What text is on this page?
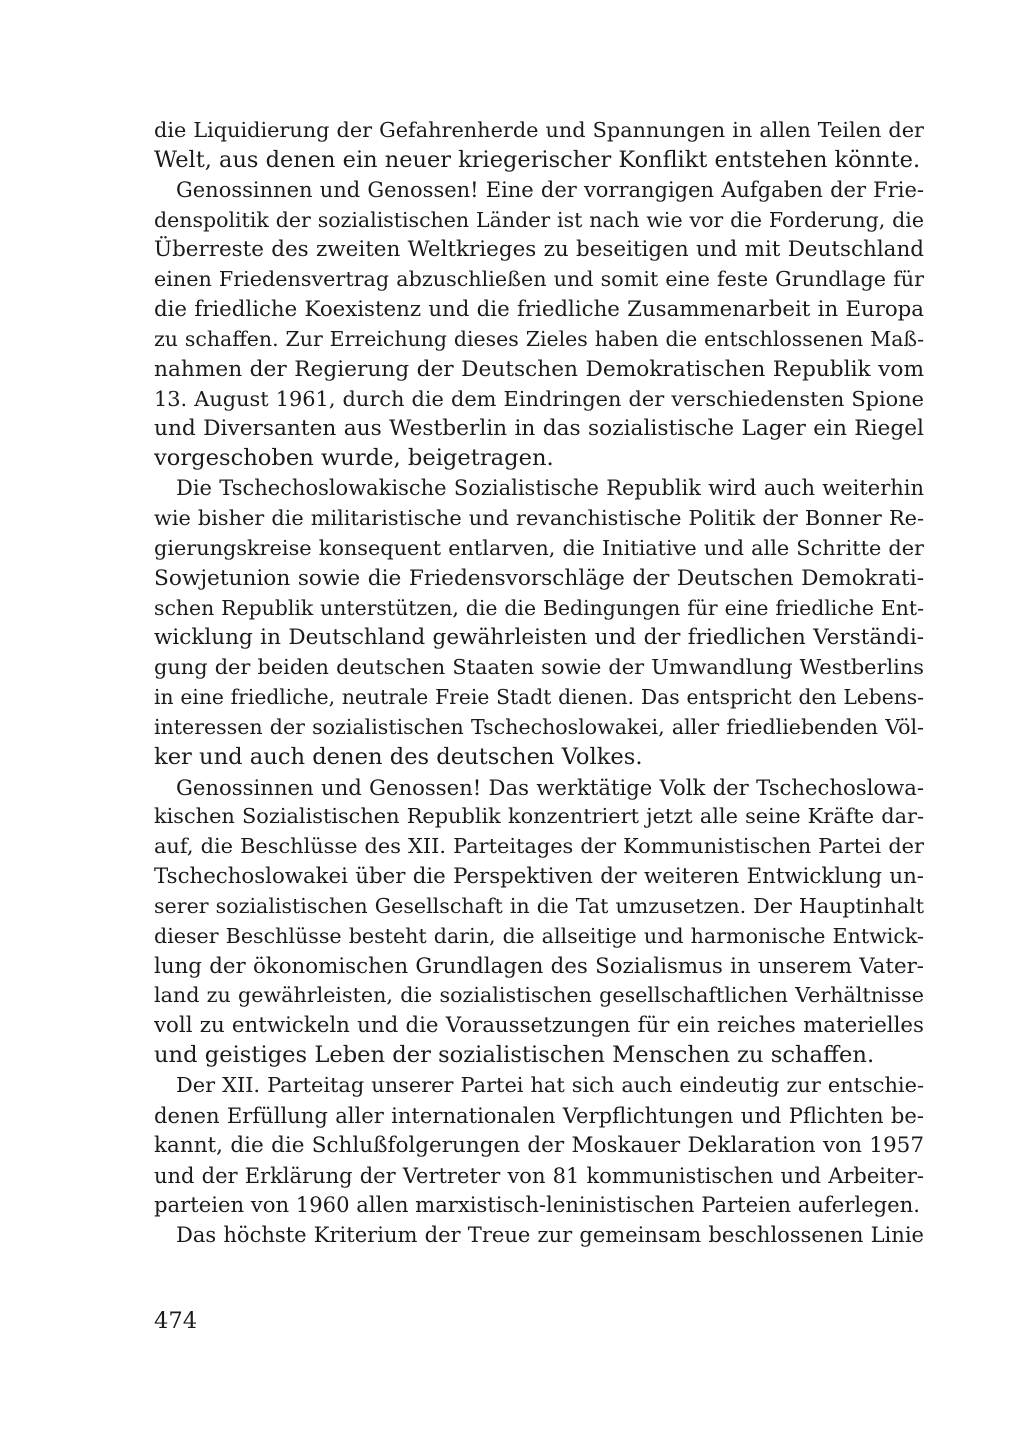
die Liquidierung der Gefahrenherde und Spannungen in allen Teilen der
Welt, aus denen ein neuer kriegerischer Konflikt entstehen könnte.
Genossinnen und Genossen! Eine der vorrangigen Aufgaben der Frie-
denspolitik der sozialistischen Länder ist nach wie vor die Forderung, die
Überreste des zweiten Weltkrieges zu beseitigen und mit Deutschland
einen Friedensvertrag abzuschließen und somit eine feste Grundlage für
die friedliche Koexistenz und die friedliche Zusammenarbeit in Europa
zu schaffen. Zur Erreichung dieses Zieles haben die entschlossenen Maß-
nahmen der Regierung der Deutschen Demokratischen Republik vom
13. August 1961, durch die dem Eindringen der verschiedensten Spione
und Diversanten aus Westberlin in das sozialistische Lager ein Riegel
vorgeschoben wurde, beigetragen.
Die Tschechoslowakische Sozialistische Republik wird auch weiterhin
wie bisher die militaristische und revanchistische Politik der Bonner Re-
gierungskreise konsequent entlarven, die Initiative und alle Schritte der
Sowjetunion sowie die Friedensvorschläge der Deutschen Demokrati-
schen Republik unterstützen, die die Bedingungen für eine friedliche Ent-
wicklung in Deutschland gewährleisten und der friedlichen Verständi-
gung der beiden deutschen Staaten sowie der Umwandlung Westberlins
in eine friedliche, neutrale Freie Stadt dienen. Das entspricht den Lebens-
interessen der sozialistischen Tschechoslowakei, aller friedliebenden Völ-
ker und auch denen des deutschen Volkes.
Genossinnen und Genossen! Das werktätige Volk der Tschechoslowa-
kischen Sozialistischen Republik konzentriert jetzt alle seine Kräfte dar-
auf, die Beschlüsse des XII. Parteitages der Kommunistischen Partei der
Tschechoslowakei über die Perspektiven der weiteren Entwicklung un-
serer sozialistischen Gesellschaft in die Tat umzusetzen. Der Hauptinhalt
dieser Beschlüsse besteht darin, die allseitige und harmonische Entwick-
lung der ökonomischen Grundlagen des Sozialismus in unserem Vater-
land zu gewährleisten, die sozialistischen gesellschaftlichen Verhältnisse
voll zu entwickeln und die Voraussetzungen für ein reiches materielles
und geistiges Leben der sozialistischen Menschen zu schaffen.
Der XII. Parteitag unserer Partei hat sich auch eindeutig zur entschie-
denen Erfüllung aller internationalen Verpflichtungen und Pflichten be-
kannt, die die Schlußfolgerungen der Moskauer Deklaration von 1957
und der Erklärung der Vertreter von 81 kommunistischen und Arbeiter-
parteien von 1960 allen marxistisch-leninistischen Parteien auferlegen.
Das höchste Kriterium der Treue zur gemeinsam beschlossenen Linie
474
